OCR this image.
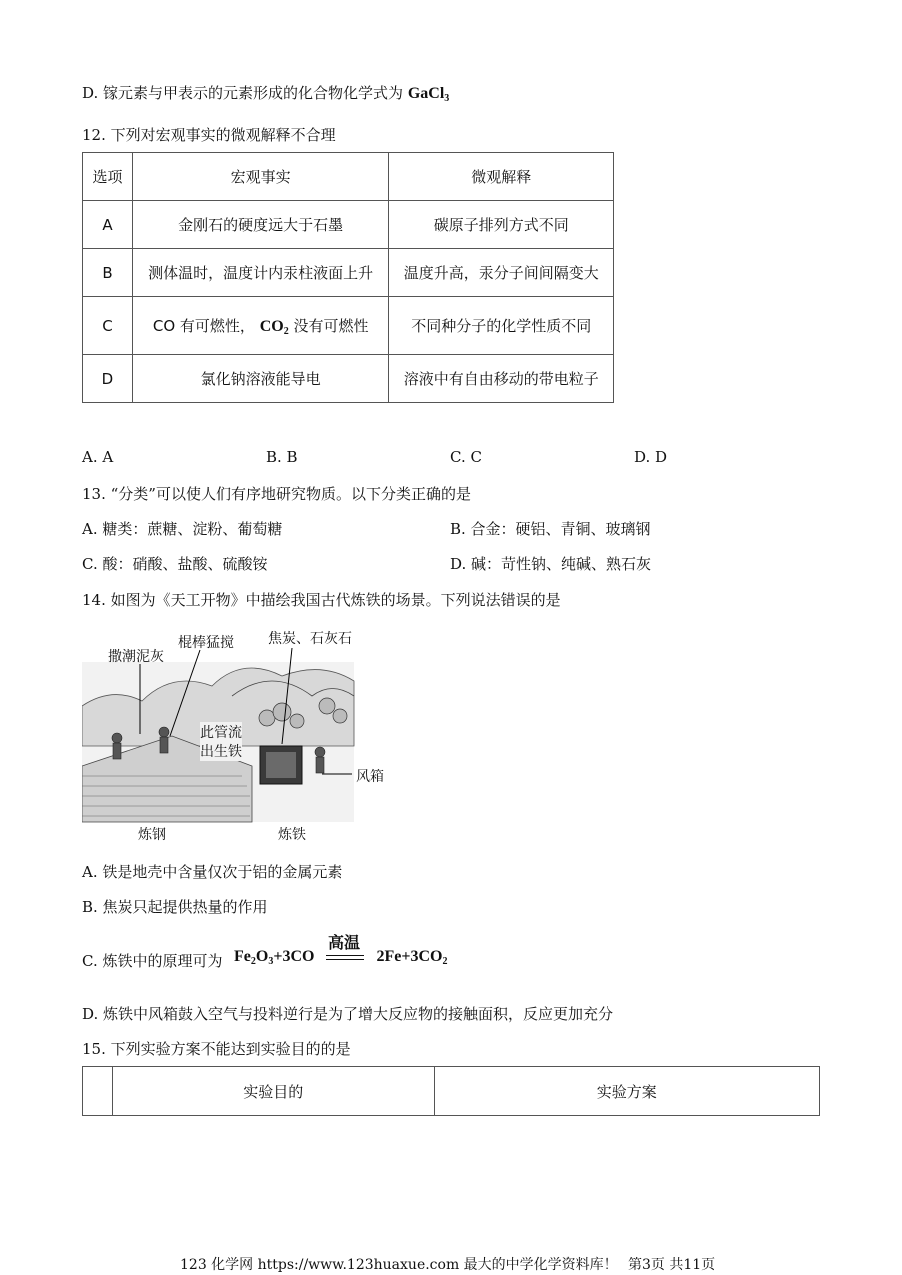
D. 镓元素与甲表示的元素形成的化合物化学式为 GaCl$_3$
12. 下列对宏观事实的微观解释不合理
选项	宏观事实	微观解释
A	金刚石的硬度远大于石墨	碳原子排列方式不同
B	测体温时，温度计内汞柱液面上升	温度升高，汞分子间间隔变大
C	CO 有可燃性， $CO_2$ 没有可燃性	不同种分子的化学性质不同
D	氯化钠溶液能导电	溶液中有自由移动的带电粒子
A. A	B. B	C. C	D. D
13. “分类”可以使人们有序地研究物质。以下分类正确的是
A. 糖类：蔗糖、淀粉、葡萄糖	B. 合金：硬铝、青铜、玻璃钢
C. 酸：硝酸、盐酸、硫酸铵	D. 碱：苛性钠、纯碱、熟石灰
14. 如图为《天工开物》中描绘我国古代炼铁的场景。下列说法错误的是
撒潮泥灰
棍棒猛搅 焦炭、石灰石
此管流
出生铁
风箱
炼钢	炼铁
A. 铁是地壳中含量仅次于铝的金属元素
B. 焦炭只起提供热量的作用
C. 炼铁中的原理可为 $Fe_2O_3+3CO$	$2Fe+3CO_2$
高温
D. 炼铁中风箱鼓入空气与投料逆行是为了增大反应物的接触面积，反应更加充分
15. 下列实验方案不能达到实验目的的是
	实验目的	实验方案
123 化学网 https://www.123huaxue.com 最大的中学化学资料库！ 第3页 共11页
